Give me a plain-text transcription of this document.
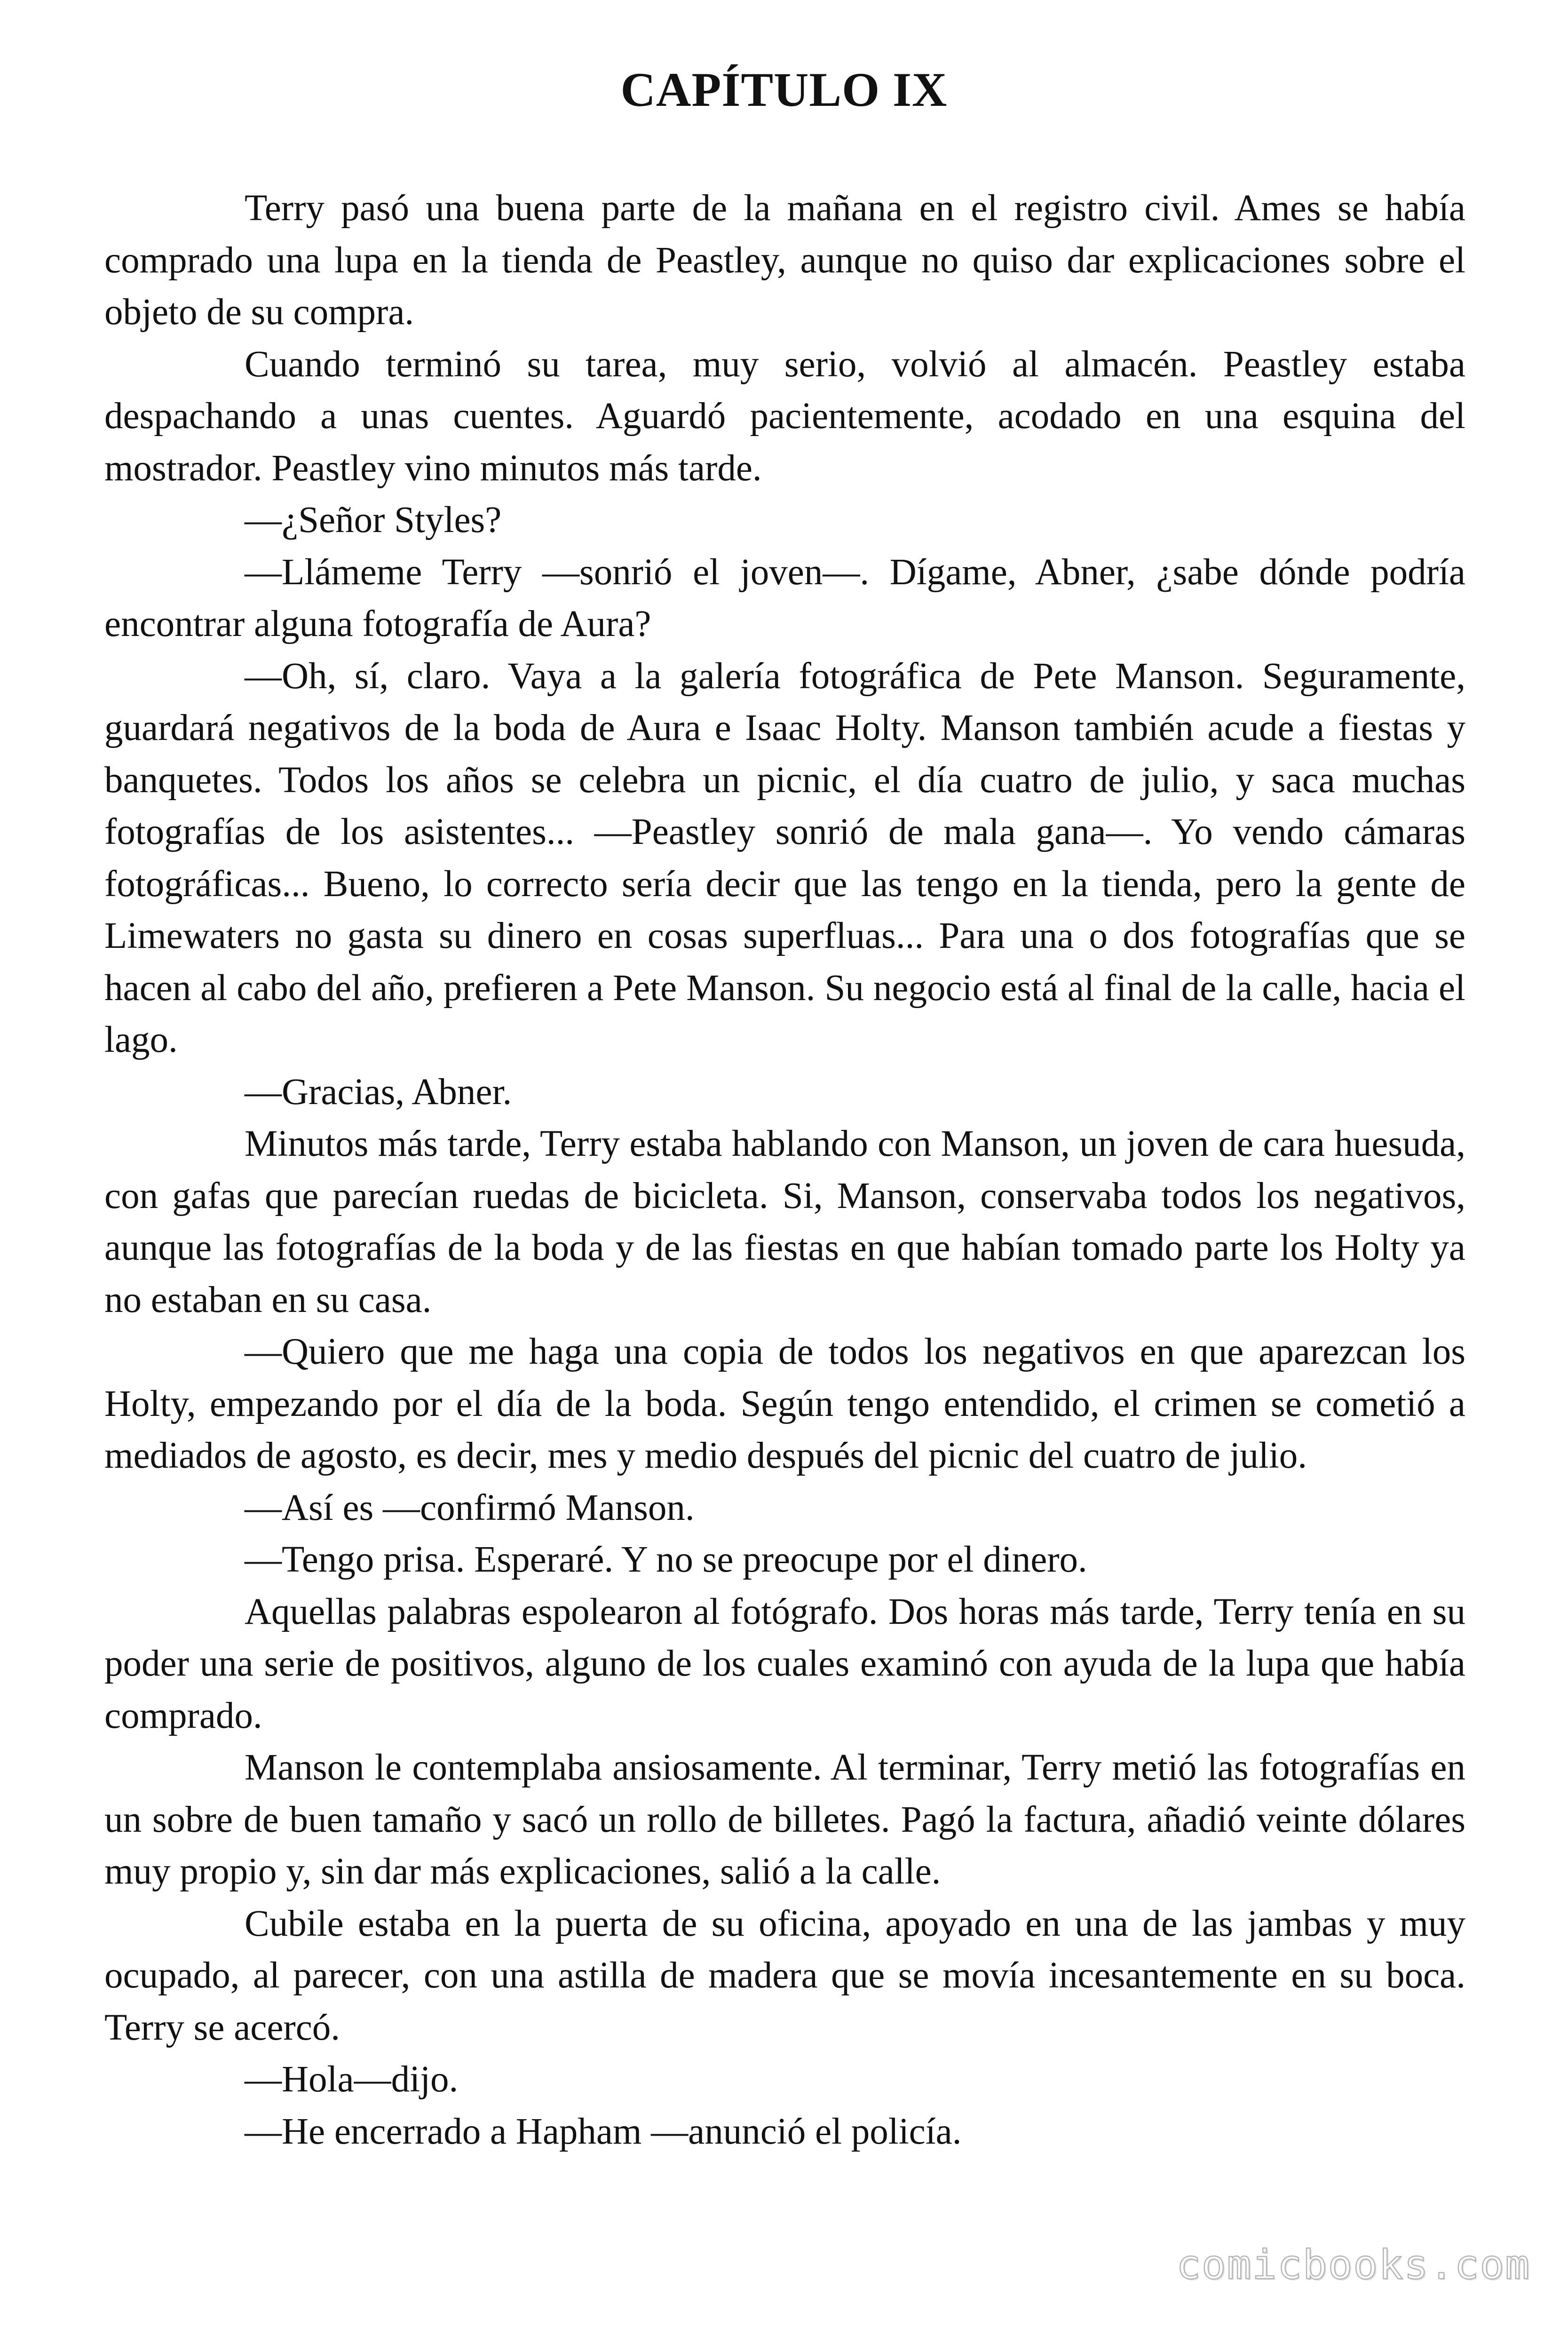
CAPÍTULO IX

Terry pasó una buena parte de la mañana en el registro civil. Ames se había comprado una lupa en la tienda de Peastley, aunque no quiso dar explicaciones sobre el objeto de su compra.

Cuando terminó su tarea, muy serio, volvió al almacén. Peastley estaba despachando a unas cuentes. Aguardó pacientemente, acodado en una esquina del mostrador. Peastley vino minutos más tarde.

—¿Señor Styles?

—Llámeme Terry —sonrió el joven—. Dígame, Abner, ¿sabe dónde podría encontrar alguna fotografía de Aura?

—Oh, sí, claro. Vaya a la galería fotográfica de Pete Manson. Seguramente, guardará negativos de la boda de Aura e Isaac Holty. Manson también acude a fiestas y banquetes. Todos los años se celebra un picnic, el día cuatro de julio, y saca muchas fotografías de los asistentes... —Peastley sonrió de mala gana—. Yo vendo cámaras fotográficas... Bueno, lo correcto sería decir que las tengo en la tienda, pero la gente de Limewaters no gasta su dinero en cosas superfluas... Para una o dos fotografías que se hacen al cabo del año, prefieren a Pete Manson. Su negocio está al final de la calle, hacia el lago.

—Gracias, Abner.

Minutos más tarde, Terry estaba hablando con Manson, un joven de cara huesuda, con gafas que parecían ruedas de bicicleta. Si, Manson, conservaba todos los negativos, aunque las fotografías de la boda y de las fiestas en que habían tomado parte los Holty ya no estaban en su casa.

—Quiero que me haga una copia de todos los negativos en que aparezcan los Holty, empezando por el día de la boda. Según tengo entendido, el crimen se cometió a mediados de agosto, es decir, mes y medio después del picnic del cuatro de julio.

—Así es —confirmó Manson.

—Tengo prisa. Esperaré. Y no se preocupe por el dinero.

Aquellas palabras espolearon al fotógrafo. Dos horas más tarde, Terry tenía en su poder una serie de positivos, alguno de los cuales examinó con ayuda de la lupa que había comprado.

Manson le contemplaba ansiosamente. Al terminar, Terry metió las fotografías en un sobre de buen tamaño y sacó un rollo de billetes. Pagó la factura, añadió veinte dólares muy propio y, sin dar más explicaciones, salió a la calle.

Cubile estaba en la puerta de su oficina, apoyado en una de las jambas y muy ocupado, al parecer, con una astilla de madera que se movía incesantemente en su boca. Terry se acercó.

—Hola—dijo.

—He encerrado a Hapham —anunció el policía.

comicbooks.com
